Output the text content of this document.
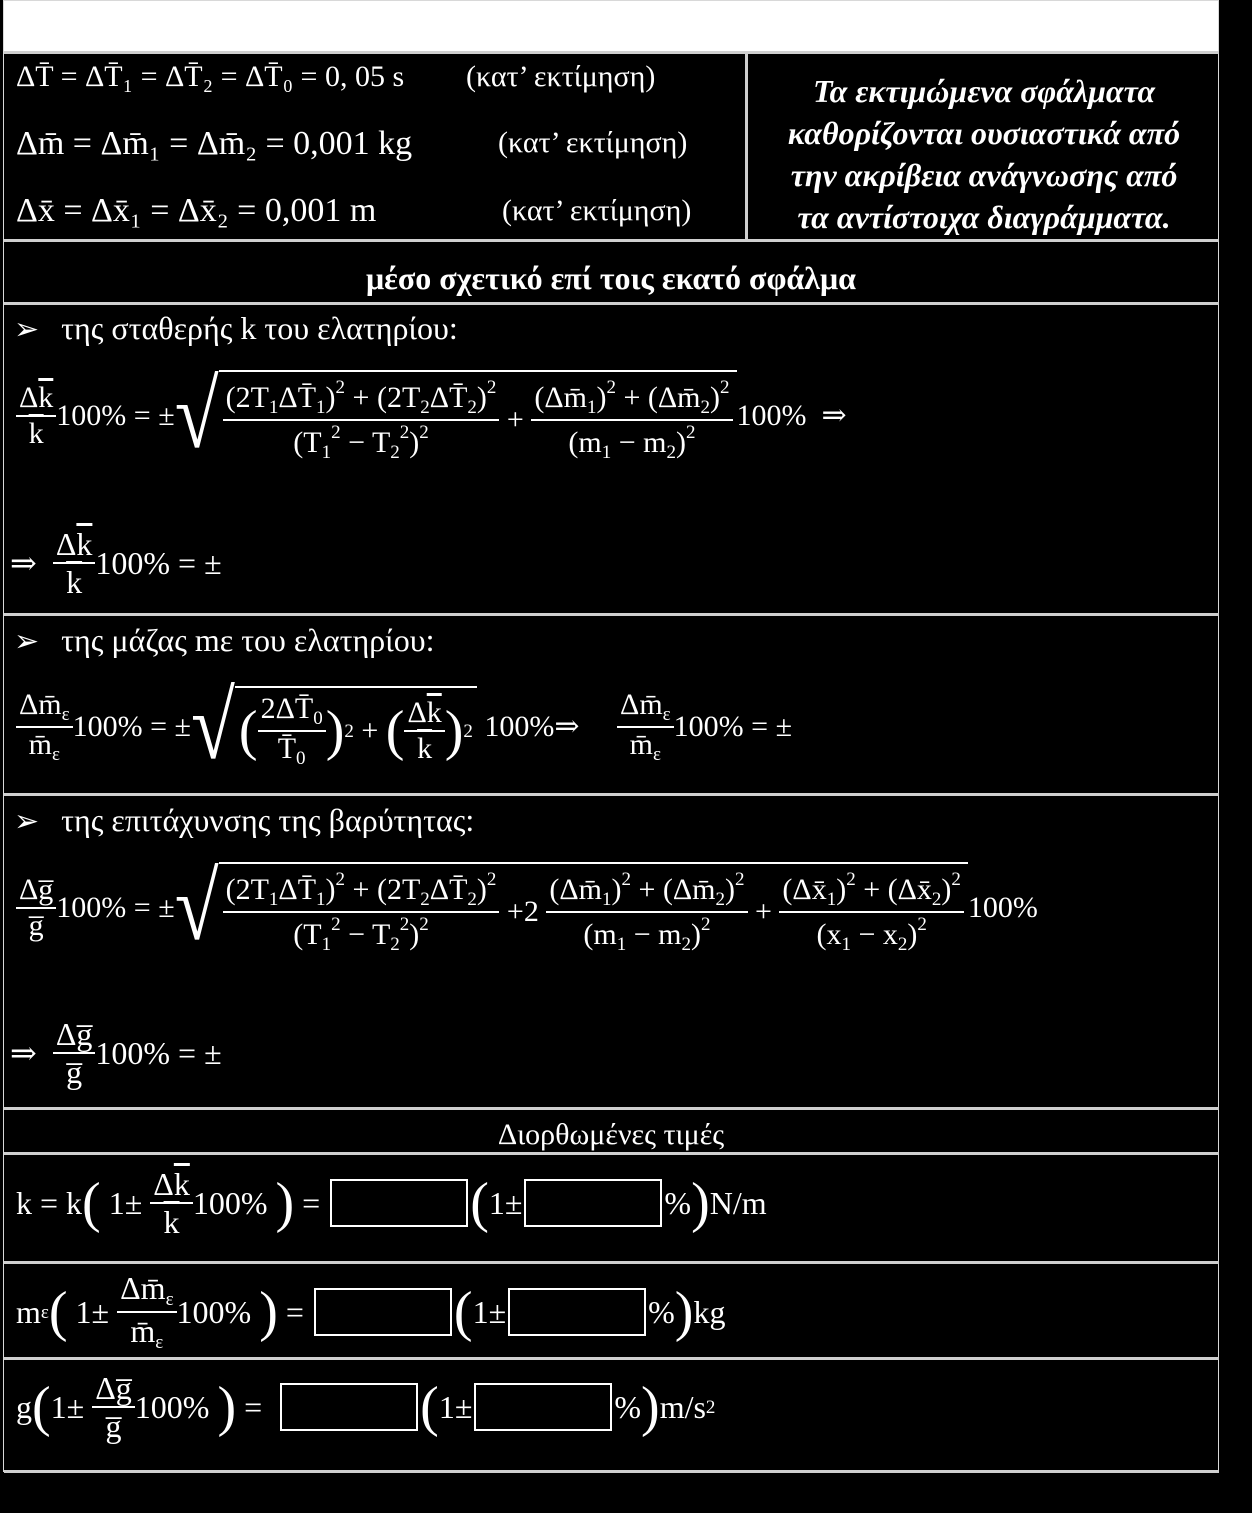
ΔT̄ = ΔT̄₁ = ΔT̄₂ = ΔT̄₀ = 0, 05 s (κατ’ εκτίμηση)
Δm̄ = Δm̄₁ = Δm̄₂ = 0,001 kg	(κατ’ εκτίμηση)
Δx̄ = Δx̄₁ = Δx̄₂ = 0,001 m	(κατ’ εκτίμηση)
Τα εκτιμώμενα σφάλματα
καθορίζονται ουσιαστικά από
την ακρίβεια ανάγνωσης από
τα αντίστοιχα διαγράμματα.
μέσο σχετικό επί τοις εκατό σφάλμα
➢ της σταθερής k του ελατηρίου:
$\frac{\Delta\overline{k}}{k} 100\%$
= ± √ $\frac{(2T_1\Delta T̄_1)^2 + (2T_2\Delta T̄_2)^2}{(T_1^2 - T_2^2)^2} + \frac{(\Delta m̄_1)^2 + (\Delta m̄_2)^2}{(m_1 - m_2)^2} 100\%$
⇒
⇒
$\frac{\Delta\overline{k}}{k} 100\%$
= ±
➢ της μάζας mε του ελατηρίου:
$\frac{\Delta m̄_\varepsilon}{m̄_\varepsilon} 100\%$
= ± √ ( $\frac{2\Delta T̄_0}{T̄_0}$ ) 2 + ( $\frac{\Delta\overline{k}}{k}$ ) 2
100% ⇒ $\frac{\Delta m̄_\varepsilon}{m̄_\varepsilon} 100\%$
= ±
➢ της επιτάχυνσης της βαρύτητας:
$\frac{\Delta g̅}{g̅} 100\%$
= ± √ $\frac{(2T_1\Delta T̄_1)^2 + (2T_2\Delta T̄_2)^2}{(T_1^2 - T_2^2)^2} +2 \frac{(\Delta m̄_1)^2 + (\Delta m̄_2)^2}{(m_1 - m_2)^2} + \frac{(\Delta x̄_1)^2 + (\Delta x̄_2)^2}{(x_1 - x_2)^2} 100\%$
⇒
$\frac{\Delta g̅}{g̅} 100\%$
= ±
Διορθωμένες τιμές
k = k ( $1\pm \frac{\Delta\overline{k}}{k} 100\%$ ) =	( 1±	% ) N/m
m ε ( $1\pm \frac{\Delta m̄_\varepsilon}{m̄_\varepsilon} 100\%$ ) =	( 1±	% ) kg
g ( $1\pm \frac{\Delta g̅}{g̅} 100\%$ ) =	( 1±	% ) m/s 2
